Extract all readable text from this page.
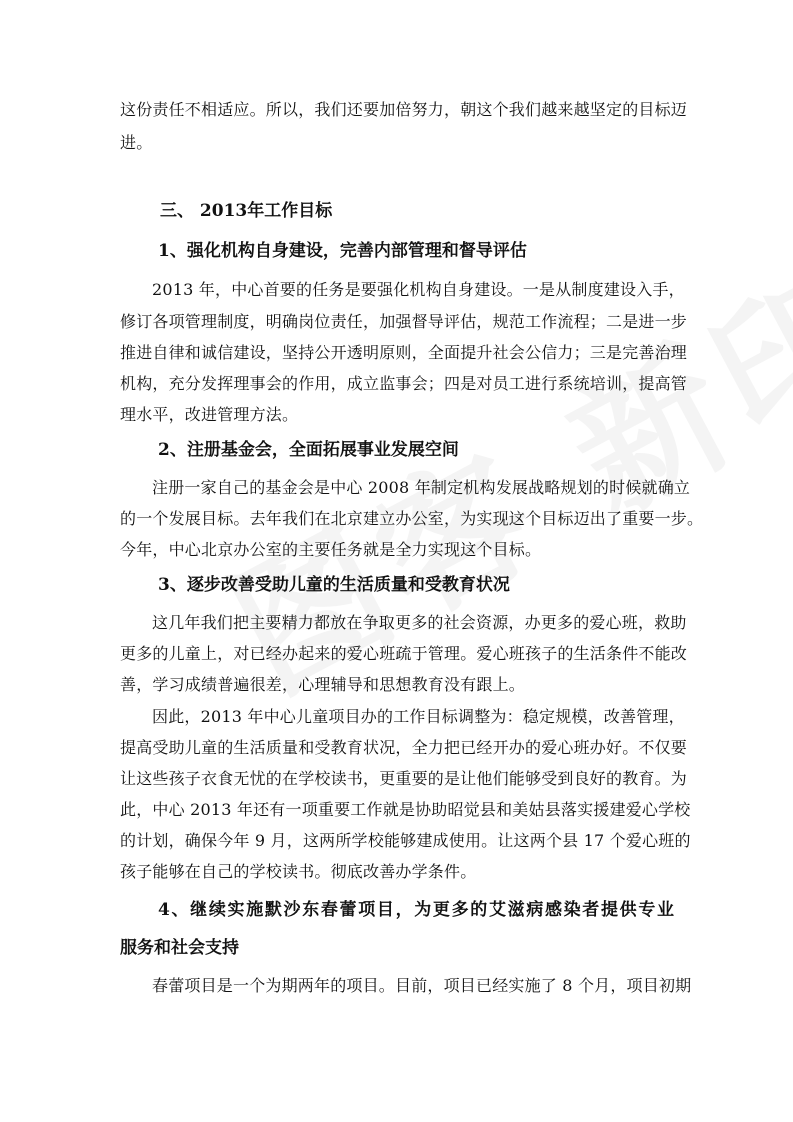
这份责任不相适应。所以，我们还要加倍努力，朝这个我们越来越坚定的目标迈
进。
三、 2013年工作目标
1、强化机构自身建设，完善内部管理和督导评估
2013 年，中心首要的任务是要强化机构自身建设。一是从制度建设入手，
修订各项管理制度，明确岗位责任，加强督导评估，规范工作流程；二是进一步
推进自律和诚信建设，坚持公开透明原则，全面提升社会公信力；三是完善治理
机构，充分发挥理事会的作用，成立监事会；四是对员工进行系统培训，提高管
理水平，改进管理方法。
2、注册基金会，全面拓展事业发展空间
注册一家自己的基金会是中心 2008 年制定机构发展战略规划的时候就确立
的一个发展目标。去年我们在北京建立办公室，为实现这个目标迈出了重要一步。
今年，中心北京办公室的主要任务就是全力实现这个目标。
3、逐步改善受助儿童的生活质量和受教育状况
这几年我们把主要精力都放在争取更多的社会资源，办更多的爱心班，救助
更多的儿童上，对已经办起来的爱心班疏于管理。爱心班孩子的生活条件不能改
善，学习成绩普遍很差，心理辅导和思想教育没有跟上。
因此，2013 年中心儿童项目办的工作目标调整为：稳定规模，改善管理，
提高受助儿童的生活质量和受教育状况，全力把已经开办的爱心班办好。不仅要
让这些孩子衣食无忧的在学校读书，更重要的是让他们能够受到良好的教育。为
此，中心 2013 年还有一项重要工作就是协助昭觉县和美姑县落实援建爱心学校
的计划，确保今年 9 月，这两所学校能够建成使用。让这两个县 17 个爱心班的
孩子能够在自己的学校读书。彻底改善办学条件。
4、继续实施默沙东春蕾项目，为更多的艾滋病感染者提供专业
服务和社会支持
春蕾项目是一个为期两年的项目。目前，项目已经实施了 8 个月，项目初期
